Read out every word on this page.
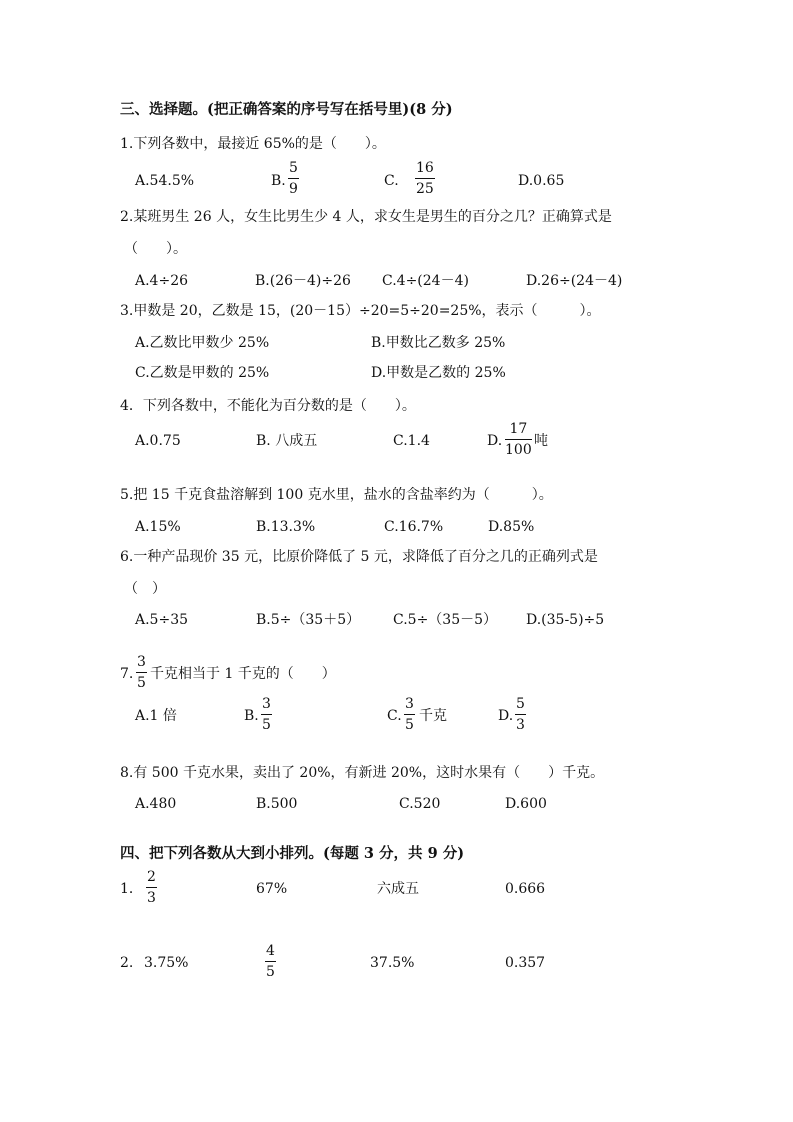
三、选择题。(把正确答案的序号写在括号里)(8 分)
1.下列各数中，最接近 65%的是（　　）。
A.54.5%	B.
5
9	C.
16
25	D.0.65
2.某班男生 26 人，女生比男生少 4 人，求女生是男生的百分之几？正确算式是
（　　）。
A.4÷26	B.(26－4)÷26 C.4÷(24－4)	D.26÷(24－4)
3.甲数是 20，乙数是 15，(20－15）÷20=5÷20=25%，表示（　　　）。
A.乙数比甲数少 25%	B.甲数比乙数多 25%
C.乙数是甲数的 25%	D.甲数是乙数的 25%
4．下列各数中，不能化为百分数的是（　　）。
A.0.75	B. 八成五	C.1.4	D.
17
100
吨
5.把 15 千克食盐溶解到 100 克水里，盐水的含盐率约为（　　　）。
A.15%	B.13.3%	C.16.7%	D.85%
6.一种产品现价 35 元，比原价降低了 5 元，求降低了百分之几的正确列式是
（　）
A.5÷35	B.5÷（35＋5） C.5÷（35－5） D.(35-5)÷5
7.
3
5
千克相当于 1 千克的（　　）
A.1 倍	B.
3
5
C.
3
5
千克	D.
5
3
8.有 500 千克水果，卖出了 20%，有新进 20%，这时水果有（　　）千克。
A.480	B.500	C.520	D.600
四、把下列各数从大到小排列。(每题 3 分，共 9 分)
1．
2
3
67%	六成五	0.666
2. 3.75%
4
5
37.5%	0.357
